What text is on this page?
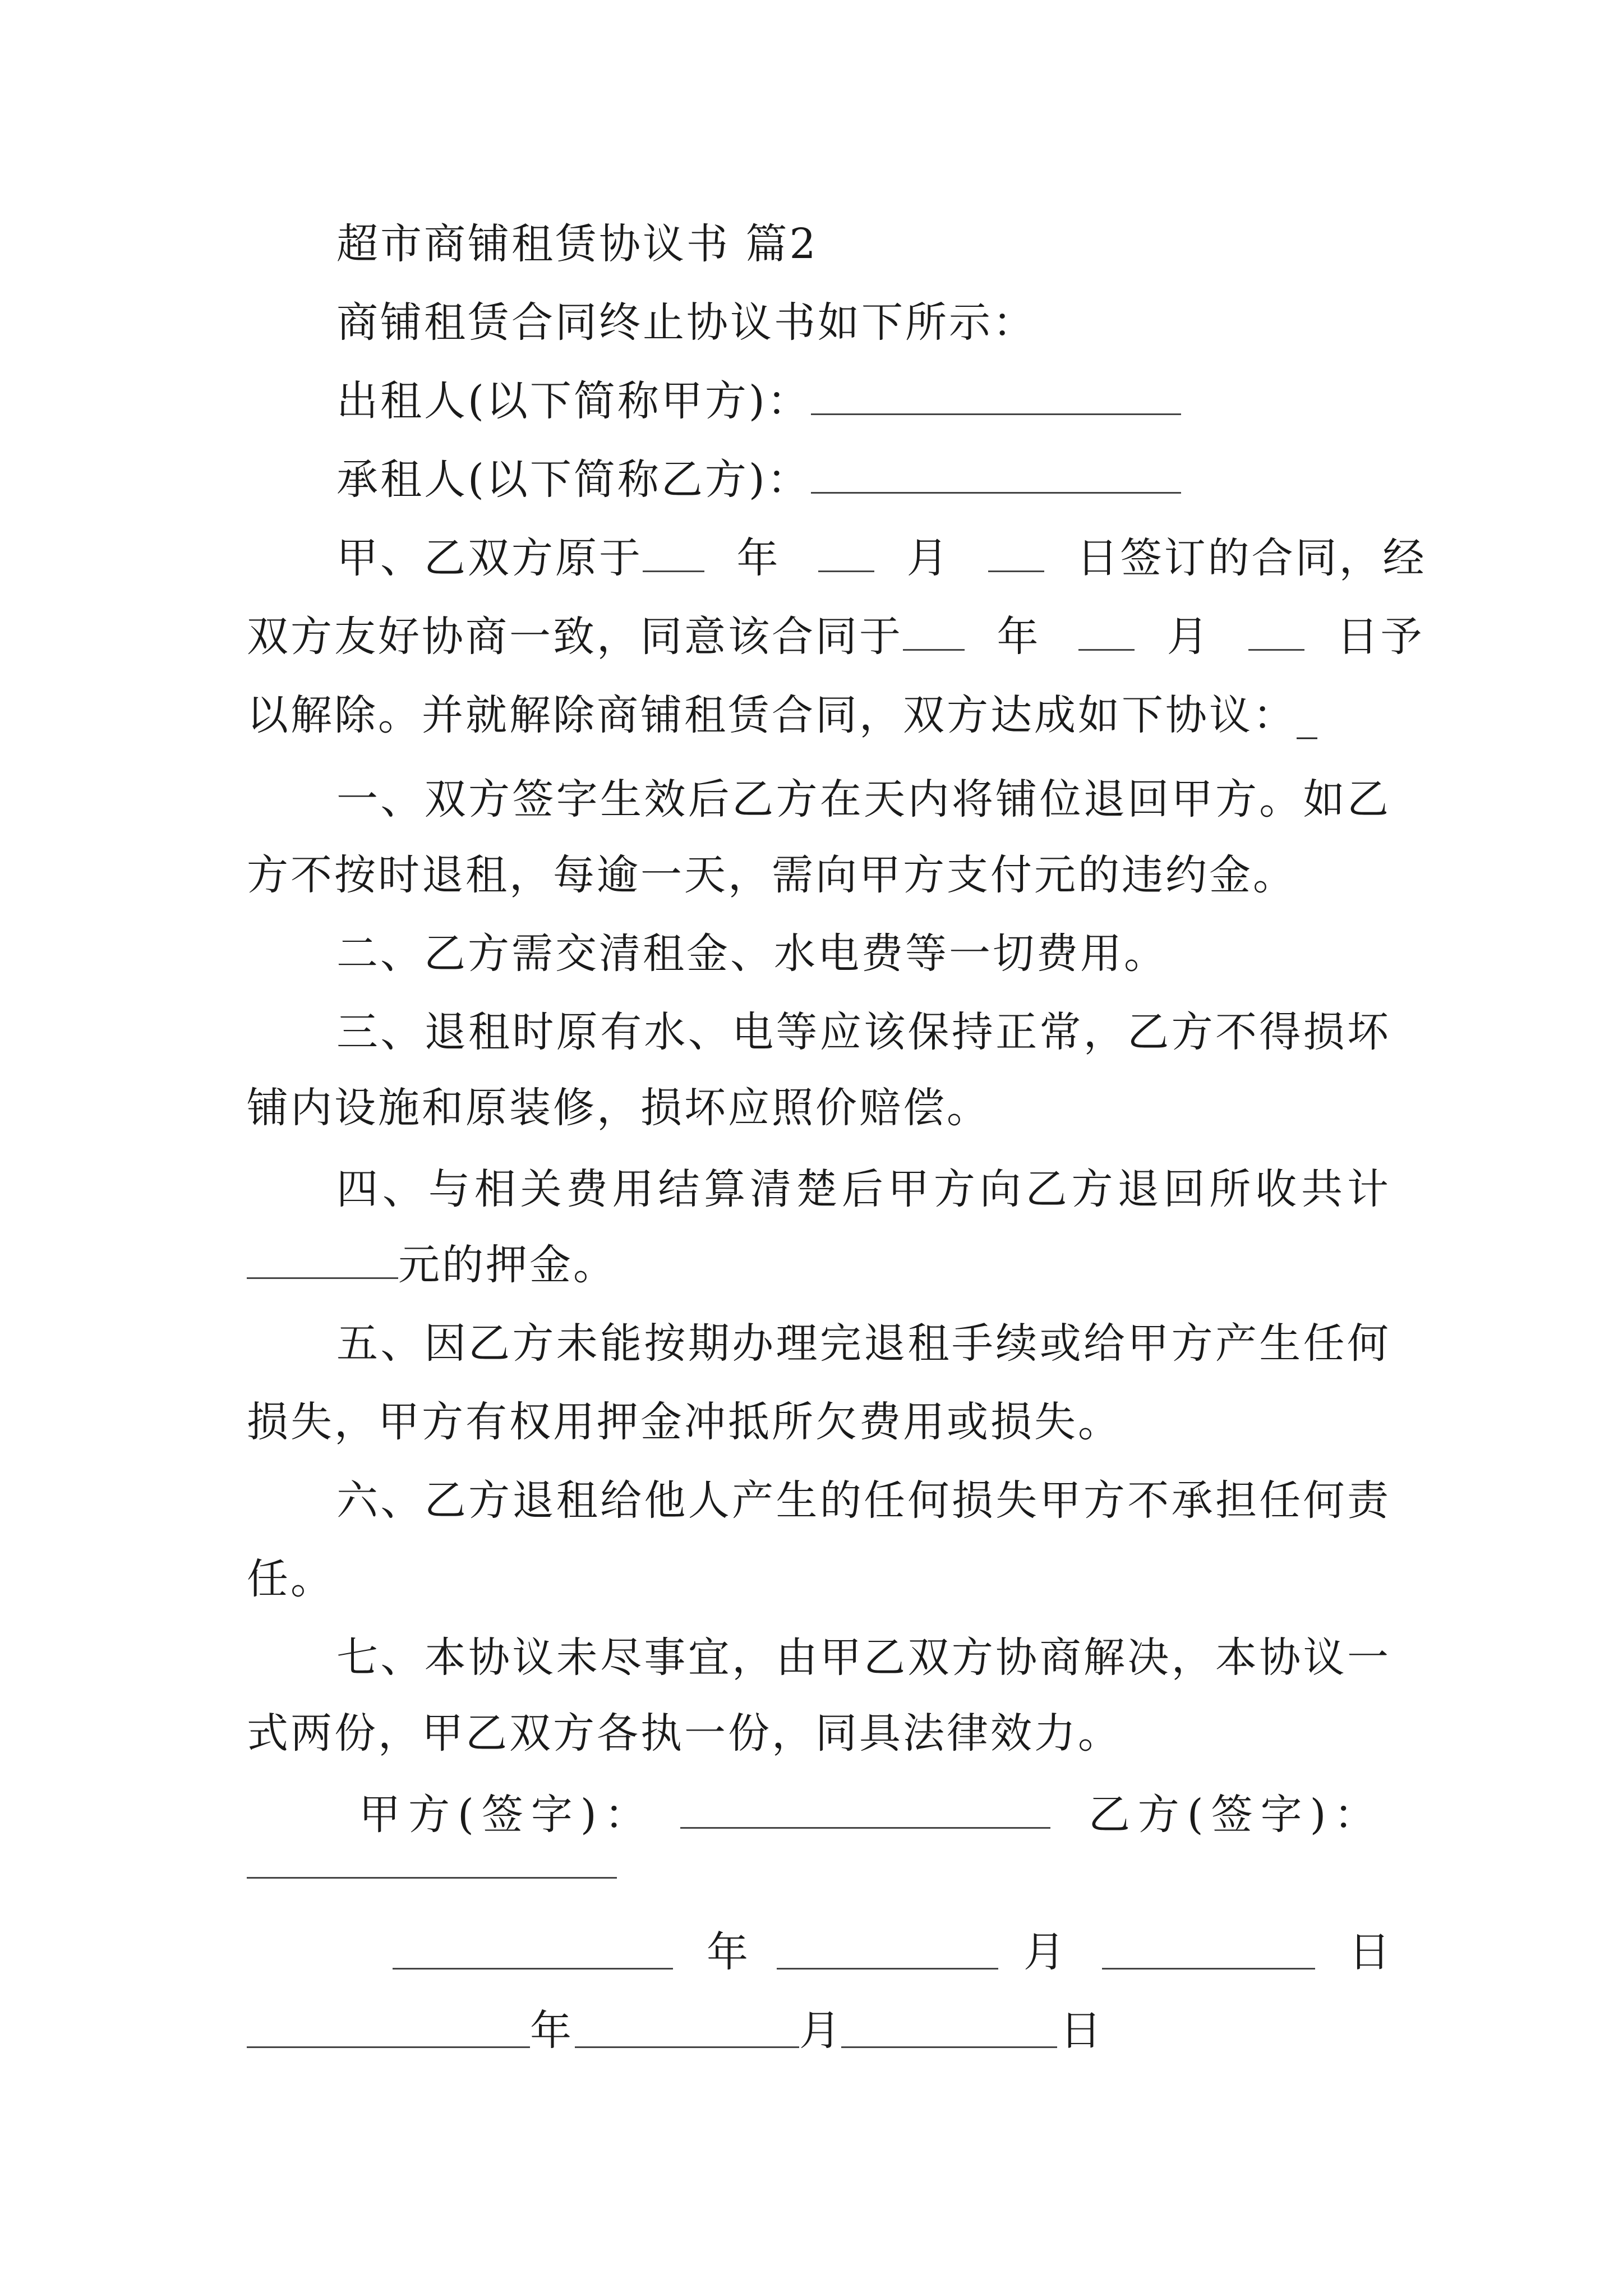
超市商铺租赁协议书 篇2
商铺租赁合同终止协议书如下所示：
出租人(以下简称甲方)：
承租人(以下简称乙方)：
甲、乙双方原于 年	月	日签订的合同，经
双方友好协商一致，同意该合同于 年	月	日予
以解除。并就解除商铺租赁合同，双方达成如下协议：_
一、双方签字生效后乙方在天内将铺位退回甲方。如乙
方不按时退租，每逾一天，需向甲方支付元的违约金。
二、乙方需交清租金、水电费等一切费用。
三、退租时原有水、电等应该保持正常，乙方不得损坏
铺内设施和原装修，损坏应照价赔偿。
四、与相关费用结算清楚后甲方向乙方退回所收共计
元的押金。
五、因乙方未能按期办理完退租手续或给甲方产生任何
损失，甲方有权用押金冲抵所欠费用或损失。
六、乙方退租给他人产生的任何损失甲方不承担任何责
任。
七、本协议未尽事宜，由甲乙双方协商解决，本协议一
式两份，甲乙双方各执一份，同具法律效力。
甲方(签字)：	乙方(签字)：
年	月	日
年	月	日
